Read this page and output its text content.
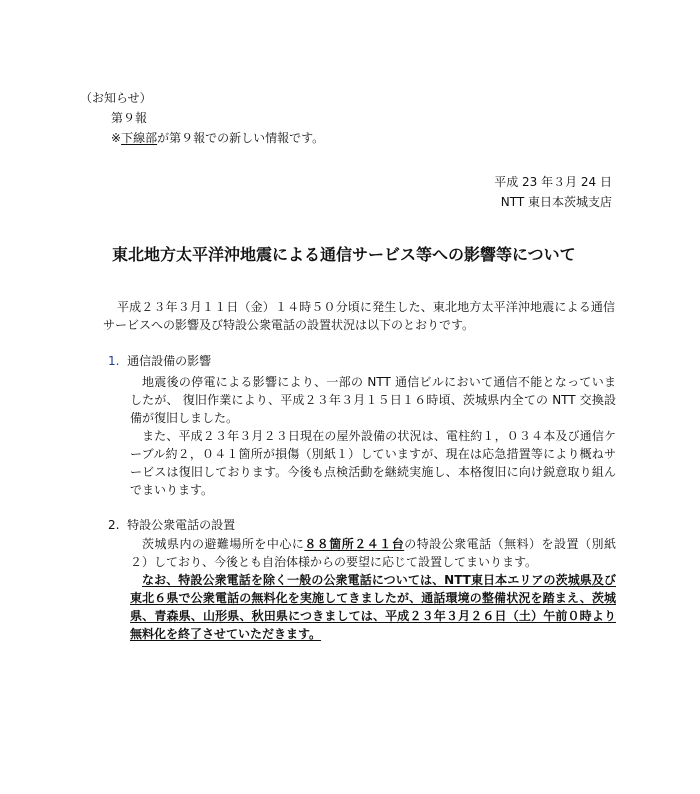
（お知らせ）
第９報
※下線部が第９報での新しい情報です。
平成 23 年３月 24 日
NTT 東日本茨城支店
東北地方太平洋沖地震による通信サービス等への影響等について
平成２３年３月１１日（金）１４時５０分頃に発生した、東北地方太平洋沖地震による通信サービスへの影響及び特設公衆電話の設置状況は以下のとおりです。
1. 通信設備の影響
地震後の停電による影響により、一部の NTT 通信ビルにおいて通信不能となっていましたが、 復旧作業により、平成２３年３月１５日１６時頃、茨城県内全ての NTT 交換設備が復旧しました。
また、平成２３年３月２３日現在の屋外設備の状況は、電柱約１，０３４本及び通信ケーブル約２，０４１箇所が損傷（別紙１）していますが、現在は応急措置等により概ねサービスは復旧しております。今後も点検活動を継続実施し、本格復旧に向け鋭意取り組んでまいります。
2. 特設公衆電話の設置
茨城県内の避難場所を中心に８８箇所２４１台の特設公衆電話（無料）を設置（別紙２）しており、今後とも自治体様からの要望に応じて設置してまいります。
なお、特設公衆電話を除く一般の公衆電話については、NTT東日本エリアの茨城県及び東北６県で公衆電話の無料化を実施してきましたが、通話環境の整備状況を踏まえ、茨城県、青森県、山形県、秋田県につきましては、平成２３年３月２６日（土）午前０時より無料化を終了させていただきます。
